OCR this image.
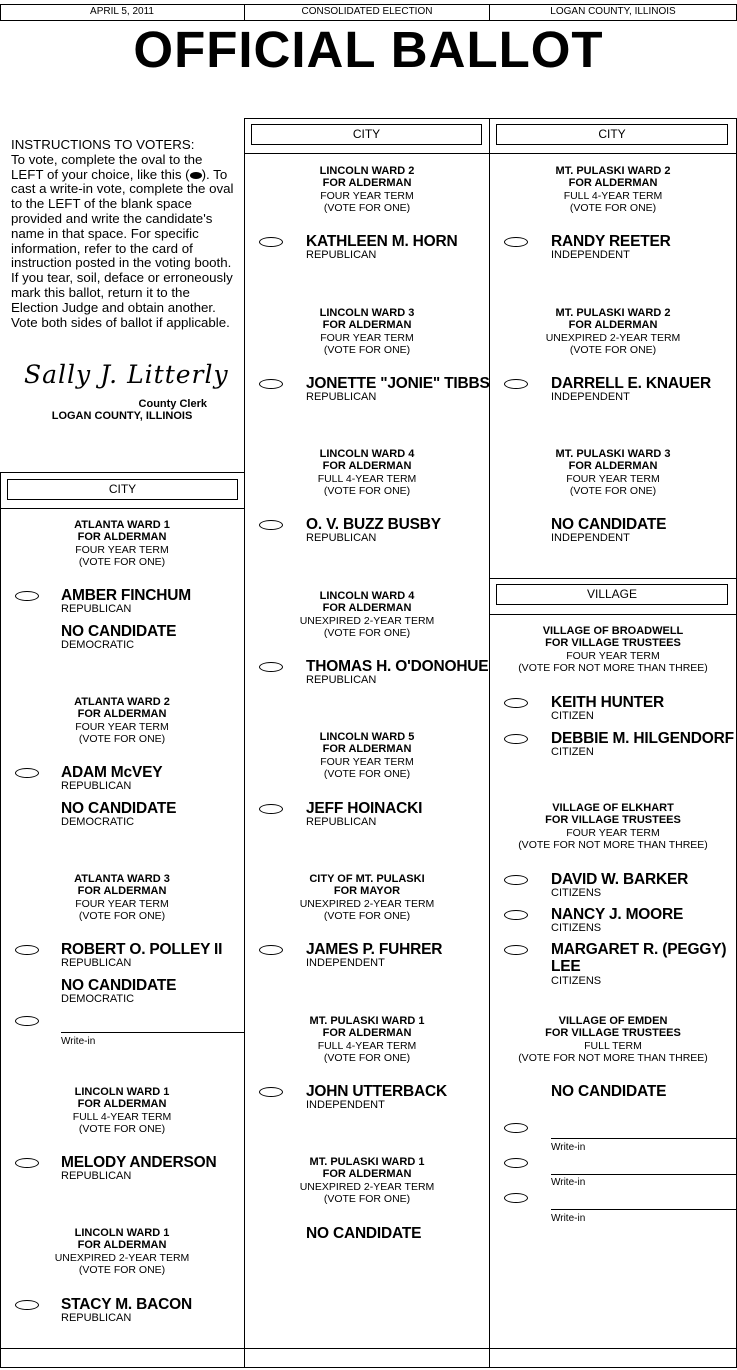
APRIL 5, 2011	CONSOLIDATED ELECTION	LOGAN COUNTY, ILLINOIS
OFFICIAL BALLOT
INSTRUCTIONS TO VOTERS:
To vote, complete the oval to the LEFT of your choice, like this ( ). To cast a write-in vote, complete the oval to the LEFT of the blank space provided and write the candidate's name in that space. For specific information, refer to the card of instruction posted in the voting booth. If you tear, soil, deface or erroneously mark this ballot, return it to the Election Judge and obtain another. Vote both sides of ballot if applicable.
Sally J. Litterly
County Clerk
LOGAN COUNTY, ILLINOIS
CITY
CITY	CITY
VILLAGE
ATLANTA WARD 1
FOR ALDERMAN
FOUR YEAR TERM
(VOTE FOR ONE)
AMBER FINCHUM
REPUBLICAN
NO CANDIDATE
DEMOCRATIC
ATLANTA WARD 2
FOR ALDERMAN
FOUR YEAR TERM
(VOTE FOR ONE)
ADAM McVEY
REPUBLICAN
NO CANDIDATE
DEMOCRATIC
ATLANTA WARD 3
FOR ALDERMAN
FOUR YEAR TERM
(VOTE FOR ONE)
ROBERT O. POLLEY II
REPUBLICAN
NO CANDIDATE
DEMOCRATIC
Write-in
LINCOLN WARD 1
FOR ALDERMAN
FULL 4-YEAR TERM
(VOTE FOR ONE)
MELODY ANDERSON
REPUBLICAN
LINCOLN WARD 1
FOR ALDERMAN
UNEXPIRED 2-YEAR TERM
(VOTE FOR ONE)
STACY M. BACON
REPUBLICAN
LINCOLN WARD 2
FOR ALDERMAN
FOUR YEAR TERM
(VOTE FOR ONE)
KATHLEEN M. HORN
REPUBLICAN
LINCOLN WARD 3
FOR ALDERMAN
FOUR YEAR TERM
(VOTE FOR ONE)
JONETTE "JONIE" TIBBS
REPUBLICAN
LINCOLN WARD 4
FOR ALDERMAN
FULL 4-YEAR TERM
(VOTE FOR ONE)
O. V. BUZZ BUSBY
REPUBLICAN
LINCOLN WARD 4
FOR ALDERMAN
UNEXPIRED 2-YEAR TERM
(VOTE FOR ONE)
THOMAS H. O'DONOHUE
REPUBLICAN
LINCOLN WARD 5
FOR ALDERMAN
FOUR YEAR TERM
(VOTE FOR ONE)
JEFF HOINACKI
REPUBLICAN
CITY OF MT. PULASKI
FOR MAYOR
UNEXPIRED 2-YEAR TERM
(VOTE FOR ONE)
JAMES P. FUHRER
INDEPENDENT
MT. PULASKI WARD 1
FOR ALDERMAN
FULL 4-YEAR TERM
(VOTE FOR ONE)
JOHN UTTERBACK
INDEPENDENT
MT. PULASKI WARD 1
FOR ALDERMAN
UNEXPIRED 2-YEAR TERM
(VOTE FOR ONE)
NO CANDIDATE
MT. PULASKI WARD 2
FOR ALDERMAN
FULL 4-YEAR TERM
(VOTE FOR ONE)
RANDY REETER
INDEPENDENT
MT. PULASKI WARD 2
FOR ALDERMAN
UNEXPIRED 2-YEAR TERM
(VOTE FOR ONE)
DARRELL E. KNAUER
INDEPENDENT
MT. PULASKI WARD 3
FOR ALDERMAN
FOUR YEAR TERM
(VOTE FOR ONE)
NO CANDIDATE
INDEPENDENT
VILLAGE OF BROADWELL
FOR VILLAGE TRUSTEES
FOUR YEAR TERM
(VOTE FOR NOT MORE THAN THREE)
KEITH HUNTER
CITIZEN
DEBBIE M. HILGENDORF
CITIZEN
VILLAGE OF ELKHART
FOR VILLAGE TRUSTEES
FOUR YEAR TERM
(VOTE FOR NOT MORE THAN THREE)
DAVID W. BARKER
CITIZENS
NANCY J. MOORE
CITIZENS
MARGARET R. (PEGGY)
LEE
CITIZENS
VILLAGE OF EMDEN
FOR VILLAGE TRUSTEES
FULL TERM
(VOTE FOR NOT MORE THAN THREE)
NO CANDIDATE
Write-in
Write-in
Write-in
